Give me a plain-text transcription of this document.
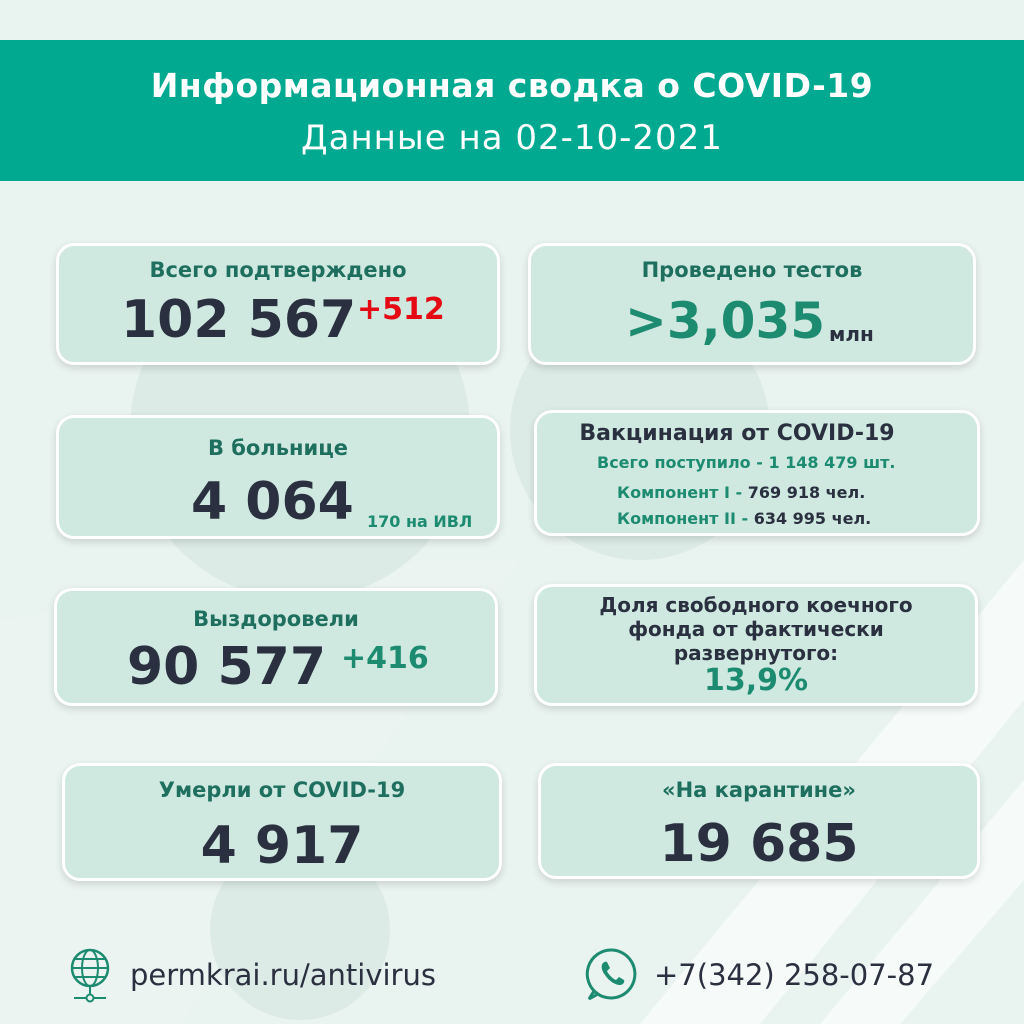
Информационная сводка о COVID-19
Данные на 02-10-2021
Всего подтверждено
102 567 +512
Проведено тестов
>3,035 млн
В больнице
4 064 170 на ИВЛ
Вакцинация от COVID-19
Всего поступило - 1 148 479 шт.
Компонент I - 769 918 чел.
Компонент II - 634 995 чел.
Выздоровели
90 577 +416
Доля свободного коечного
фонда от фактически
развернутого:
13,9%
Умерли от COVID-19
4 917
«На карантине»
19 685
permkrai.ru/antivirus	+7(342) 258-07-87
